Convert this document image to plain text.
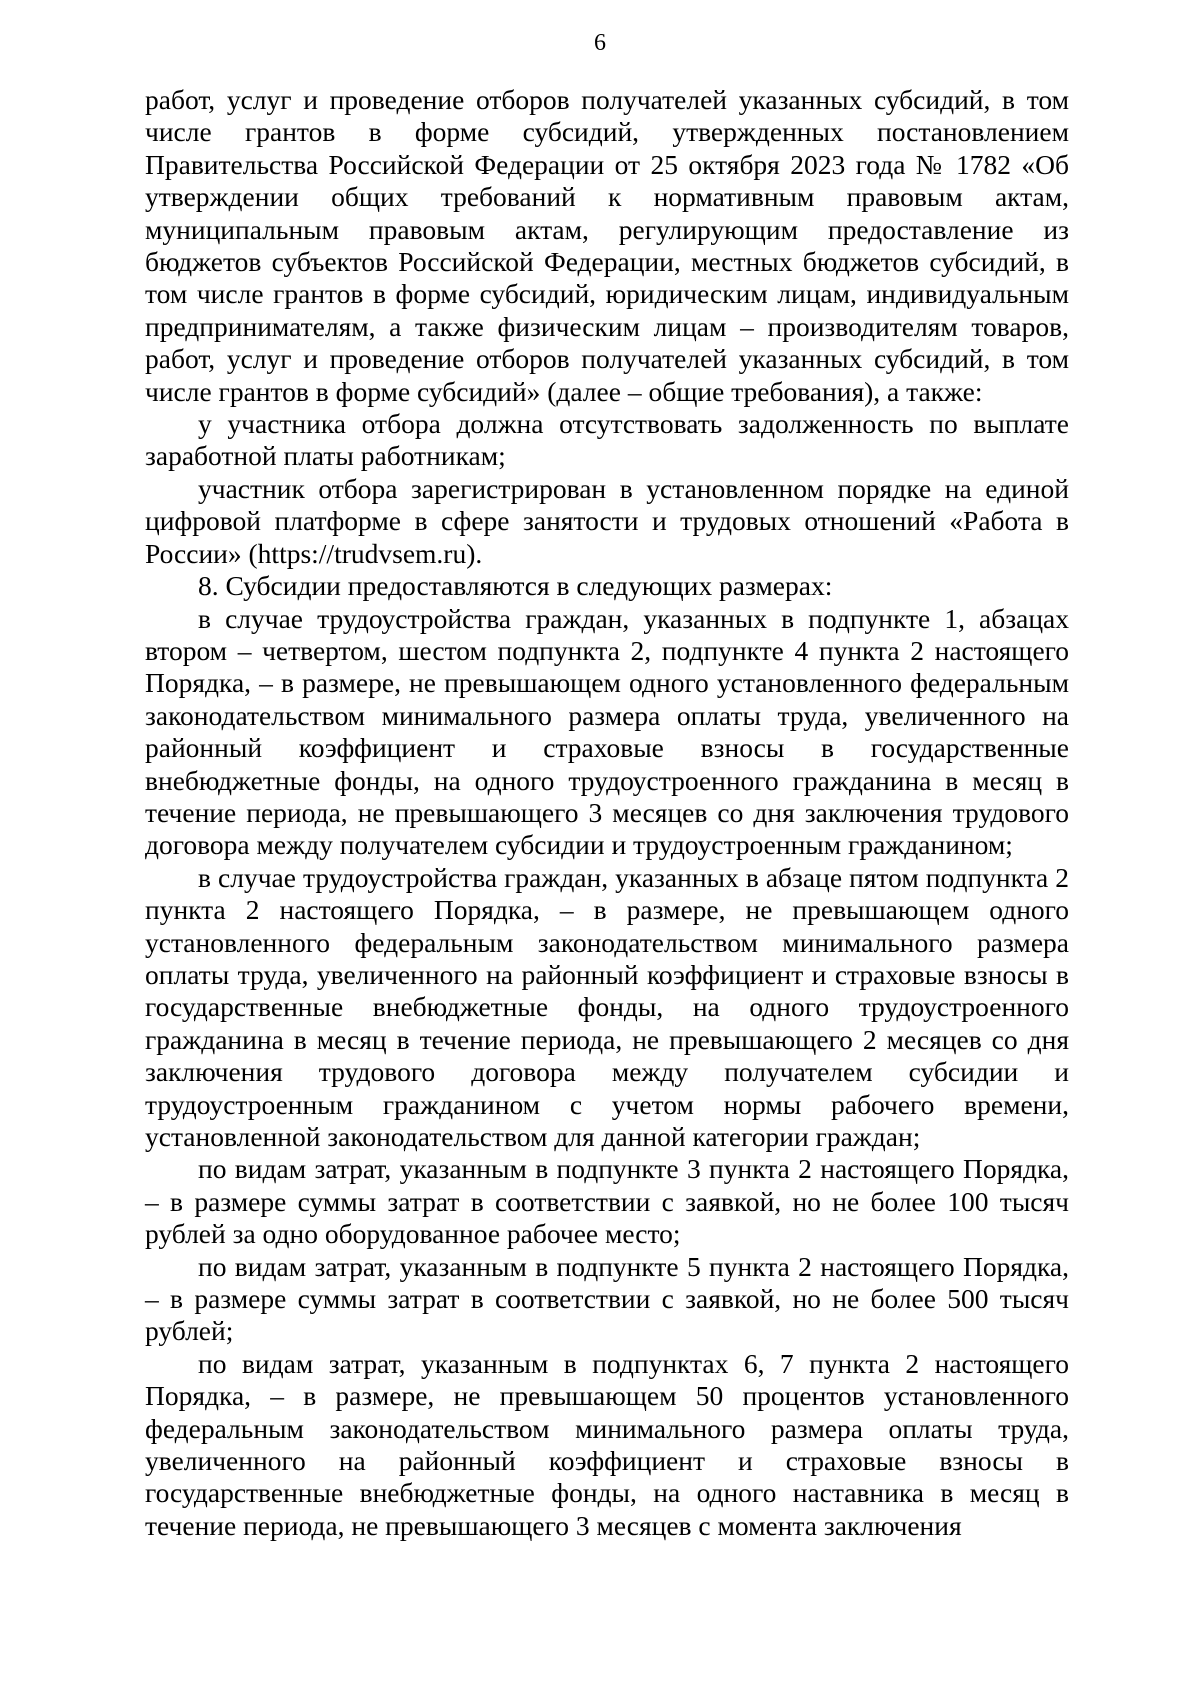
6

работ, услуг и проведение отборов получателей указанных субсидий, в том числе грантов в форме субсидий, утвержденных постановлением Правительства Российской Федерации от 25 октября 2023 года № 1782 «Об утверждении общих требований к нормативным правовым актам, муниципальным правовым актам, регулирующим предоставление из бюджетов субъектов Российской Федерации, местных бюджетов субсидий, в том числе грантов в форме субсидий, юридическим лицам, индивидуальным предпринимателям, а также физическим лицам – производителям товаров, работ, услуг и проведение отборов получателей указанных субсидий, в том числе грантов в форме субсидий» (далее – общие требования), а также:

у участника отбора должна отсутствовать задолженность по выплате заработной платы работникам;

участник отбора зарегистрирован в установленном порядке на единой цифровой платформе в сфере занятости и трудовых отношений «Работа в России» (https://trudvsem.ru).

8. Субсидии предоставляются в следующих размерах:

в случае трудоустройства граждан, указанных в подпункте 1, абзацах втором – четвертом, шестом подпункта 2, подпункте 4 пункта 2 настоящего Порядка, – в размере, не превышающем одного установленного федеральным законодательством минимального размера оплаты труда, увеличенного на районный коэффициент и страховые взносы в государственные внебюджетные фонды, на одного трудоустроенного гражданина в месяц в течение периода, не превышающего 3 месяцев со дня заключения трудового договора между получателем субсидии и трудоустроенным гражданином;

в случае трудоустройства граждан, указанных в абзаце пятом подпункта 2 пункта 2 настоящего Порядка, – в размере, не превышающем одного установленного федеральным законодательством минимального размера оплаты труда, увеличенного на районный коэффициент и страховые взносы в государственные внебюджетные фонды, на одного трудоустроенного гражданина в месяц в течение периода, не превышающего 2 месяцев со дня заключения трудового договора между получателем субсидии и трудоустроенным гражданином с учетом нормы рабочего времени, установленной законодательством для данной категории граждан;

по видам затрат, указанным в подпункте 3 пункта 2 настоящего Порядка, – в размере суммы затрат в соответствии с заявкой, но не более 100 тысяч рублей за одно оборудованное рабочее место;

по видам затрат, указанным в подпункте 5 пункта 2 настоящего Порядка, – в размере суммы затрат в соответствии с заявкой, но не более 500 тысяч рублей;

по видам затрат, указанным в подпунктах 6, 7 пункта 2 настоящего Порядка, – в размере, не превышающем 50 процентов установленного федеральным законодательством минимального размера оплаты труда, увеличенного на районный коэффициент и страховые взносы в государственные внебюджетные фонды, на одного наставника в месяц в течение периода, не превышающего 3 месяцев с момента заключения
